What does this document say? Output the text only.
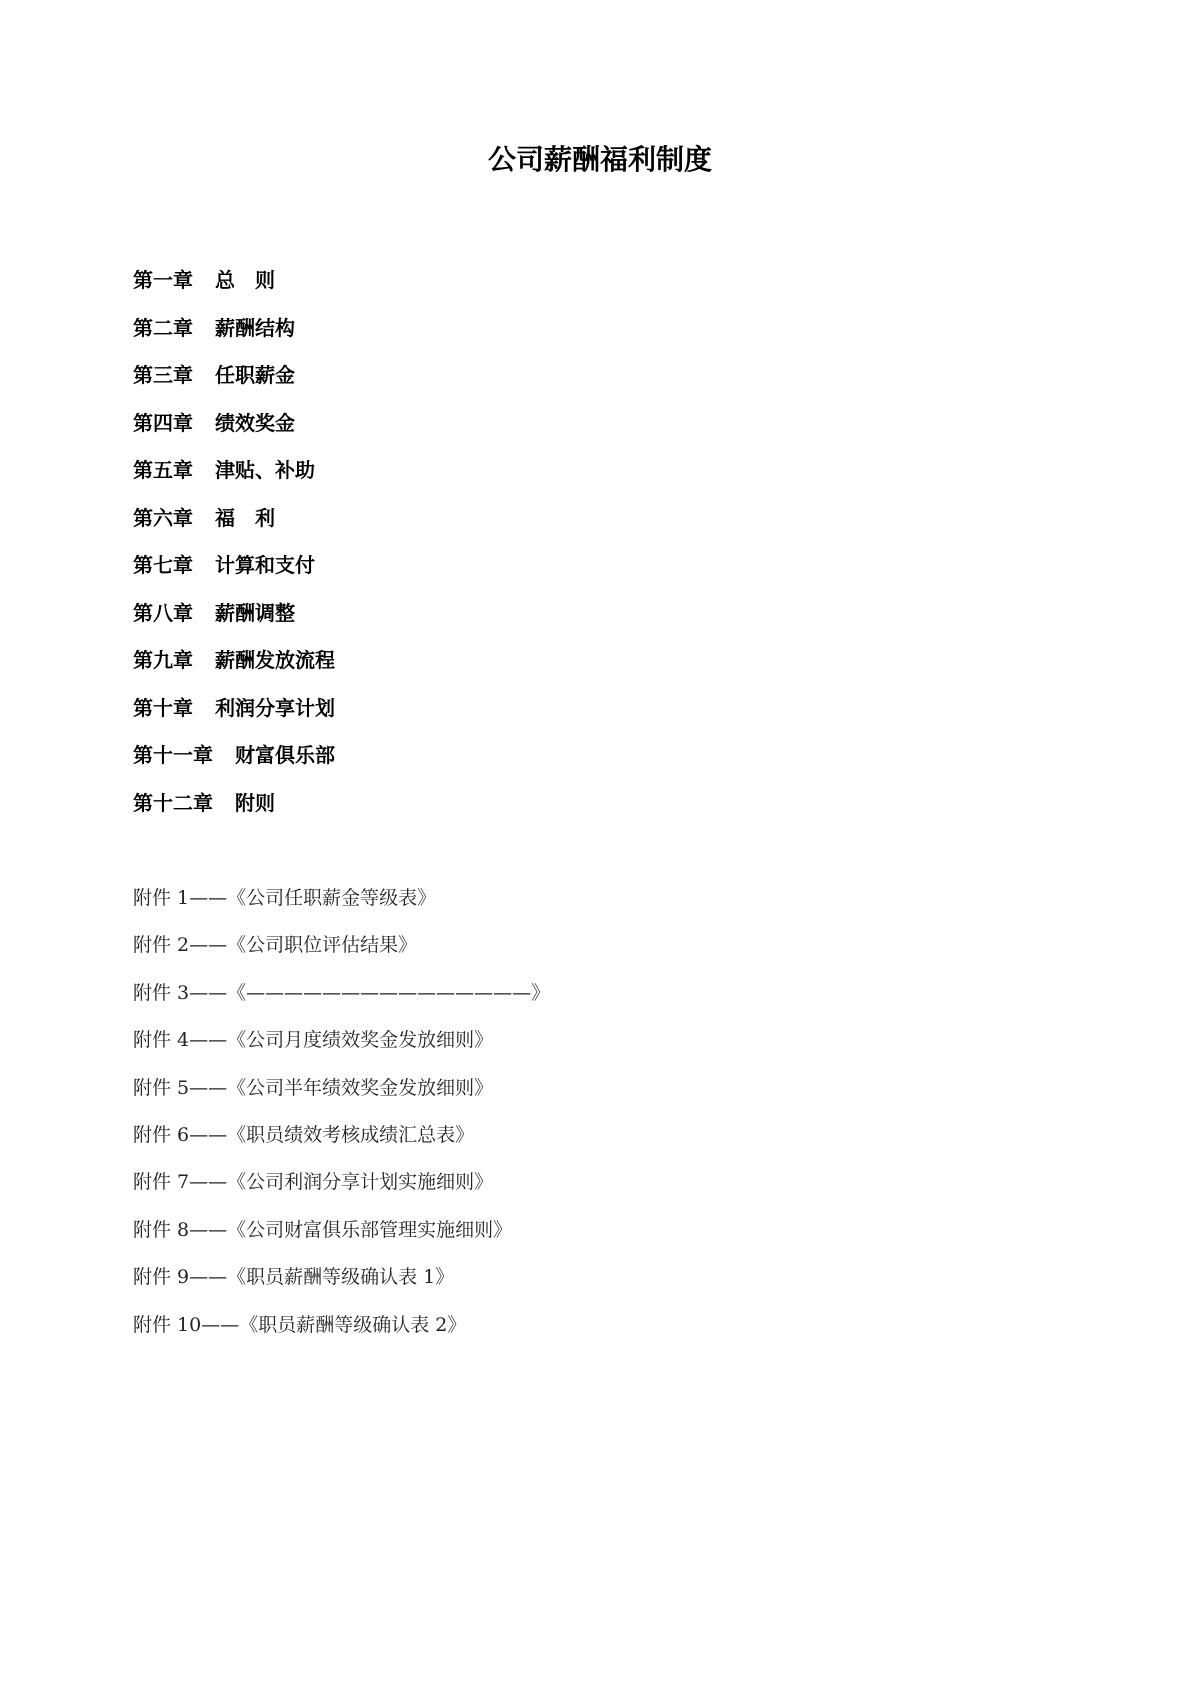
公司薪酬福利制度
第一章 总　则
第二章 薪酬结构
第三章 任职薪金
第四章 绩效奖金
第五章 津贴、补助
第六章 福　利
第七章 计算和支付
第八章 薪酬调整
第九章 薪酬发放流程
第十章 利润分享计划
第十一章 财富俱乐部
第十二章 附则
附件 1——《公司任职薪金等级表》
附件 2——《公司职位评估结果》
附件 3——《———————————————》
附件 4——《公司月度绩效奖金发放细则》
附件 5——《公司半年绩效奖金发放细则》
附件 6——《职员绩效考核成绩汇总表》
附件 7——《公司利润分享计划实施细则》
附件 8——《公司财富俱乐部管理实施细则》
附件 9——《职员薪酬等级确认表 1》
附件 10——《职员薪酬等级确认表 2》
